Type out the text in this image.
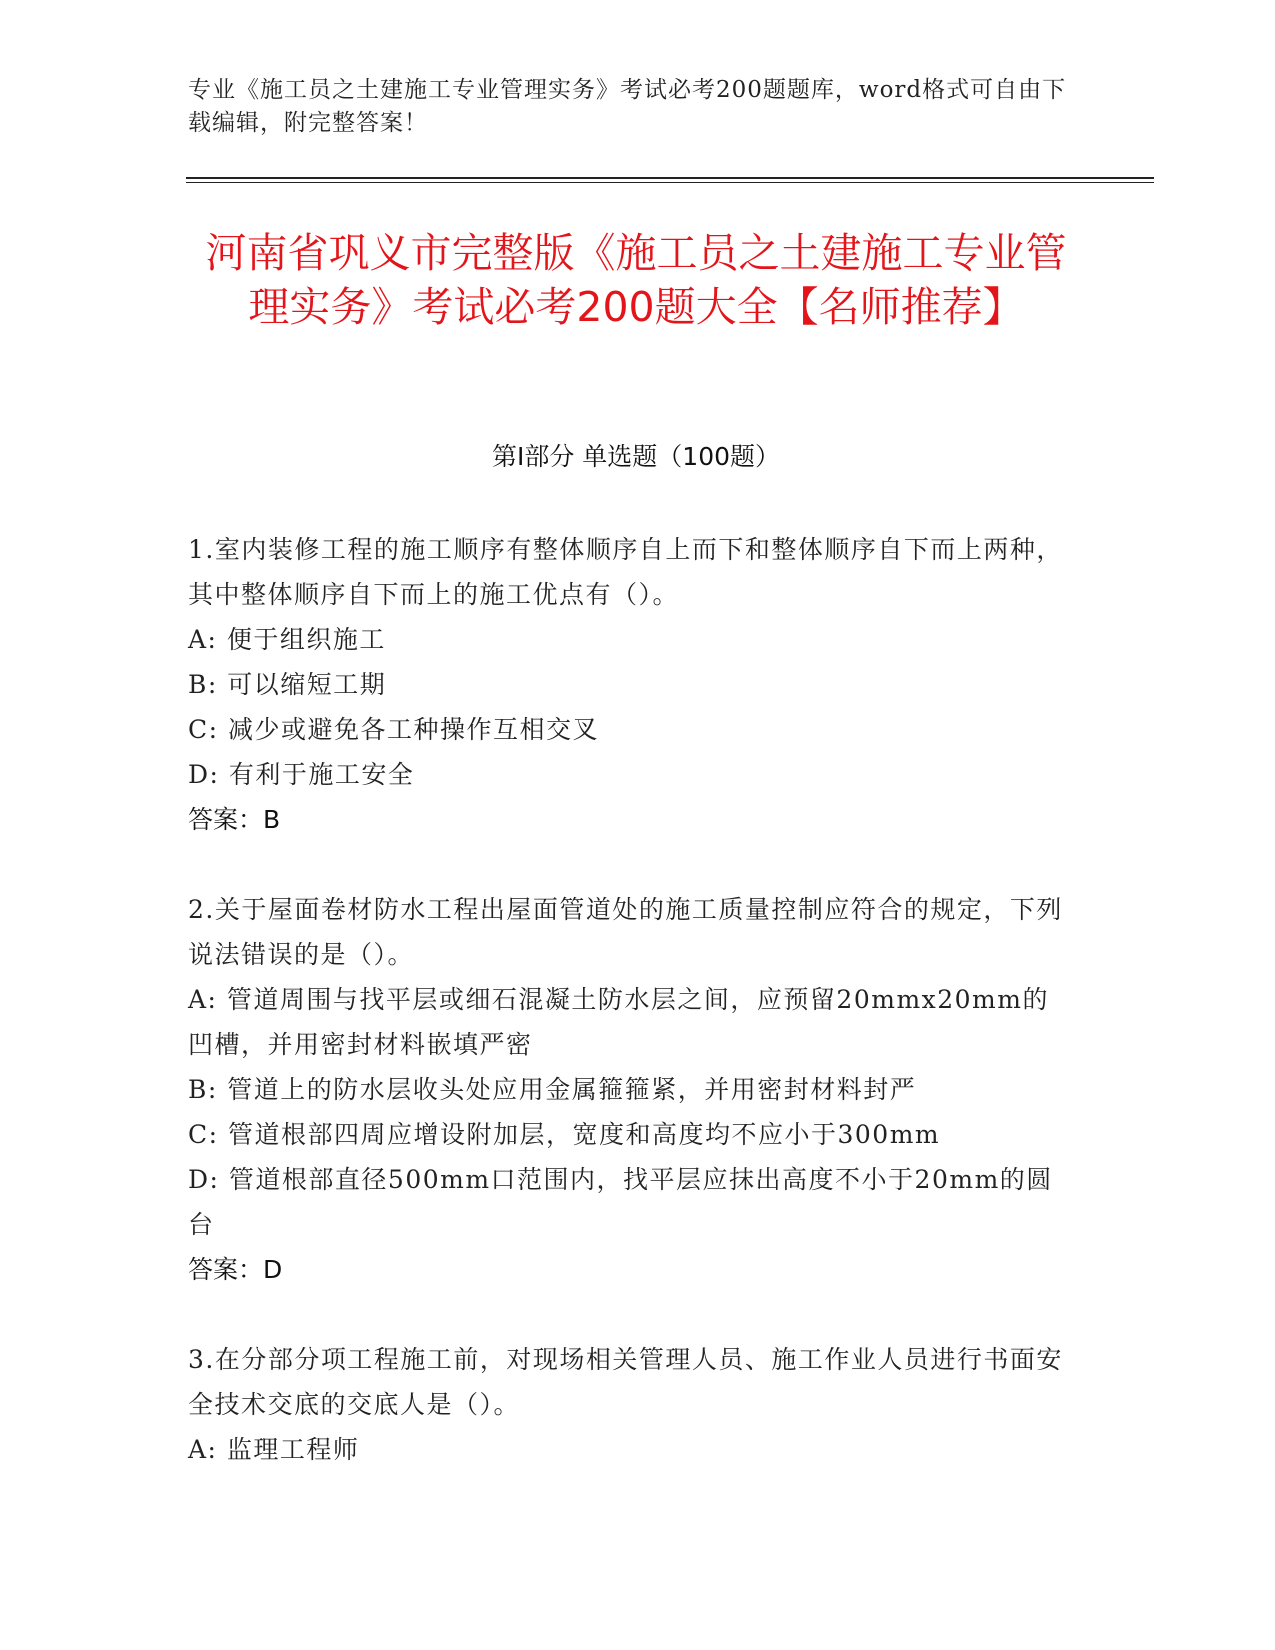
专业《施工员之土建施工专业管理实务》考试必考200题题库，word格式可自由下载编辑，附完整答案！
河南省巩义市完整版《施工员之土建施工专业管理实务》考试必考200题大全【名师推荐】
第Ⅰ部分 单选题（100题）

1.室内装修工程的施工顺序有整体顺序自上而下和整体顺序自下而上两种，其中整体顺序自下而上的施工优点有（）。

A: 便于组织施工

B: 可以缩短工期

C: 减少或避免各工种操作互相交叉

D: 有利于施工安全

答案：B

2.关于屋面卷材防水工程出屋面管道处的施工质量控制应符合的规定，下列说法错误的是（）。

A: 管道周围与找平层或细石混凝土防水层之间，应预留20mmx20mm的凹槽，并用密封材料嵌填严密

B: 管道上的防水层收头处应用金属箍箍紧，并用密封材料封严

C: 管道根部四周应增设附加层，宽度和高度均不应小于300mm

D: 管道根部直径500mm口范围内，找平层应抹出高度不小于20mm的圆台

答案：D

3.在分部分项工程施工前，对现场相关管理人员、施工作业人员进行书面安全技术交底的交底人是（）。

A: 监理工程师
